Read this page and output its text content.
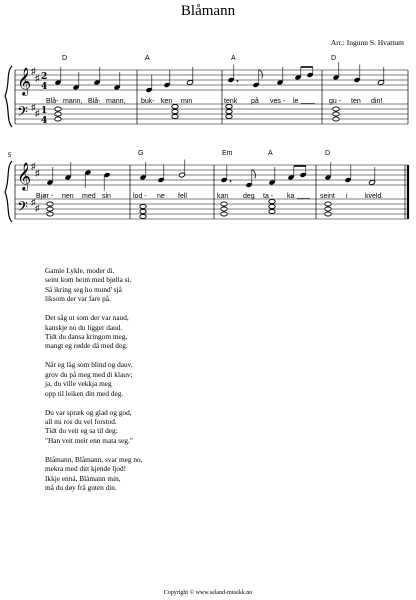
Blåmann
Arr.: Ingunn S. Hvattum
𝄞
𝄢
♯
♯
♯
♯
2
4
1
4
D	A	A	D
Blå- mann, Blå- mann, buk- ken min	tenk på ves - le	gu - ten din!
5
𝄞
𝄢
♯
♯
♯
♯
G	Em	A	D
Bjør - nen med sin	lod - ne fell	kan deg ta - ka	seint i kveld.
Gamle Lykle, moder di,
seint kom heim med bjølla si.
Så ikring seg ho mund' sjå
liksom der var fare på.
Det såg ut som der var naud,
kanskje no du ligger daud.
Tidt du dansa kringom meg,
mangt eg rødde då med deg.
Når eg låg som blind og dauv,
grov du på meg med di klauv;
ja, du ville vekkja meg
opp til leiken din med deg.
Du var spræk og glad og god,
all mi ros du vel forstod.
Tidt du veit eg sa til deg:
"Han veit meir enn mata seg."
Blåmann, Blåmann, svar meg no,
mekra med ditt kjende ljod!
Ikkje enná, Blåmann min,
må du døy frå guten din.
Copyright © www.seland-musikk.no
